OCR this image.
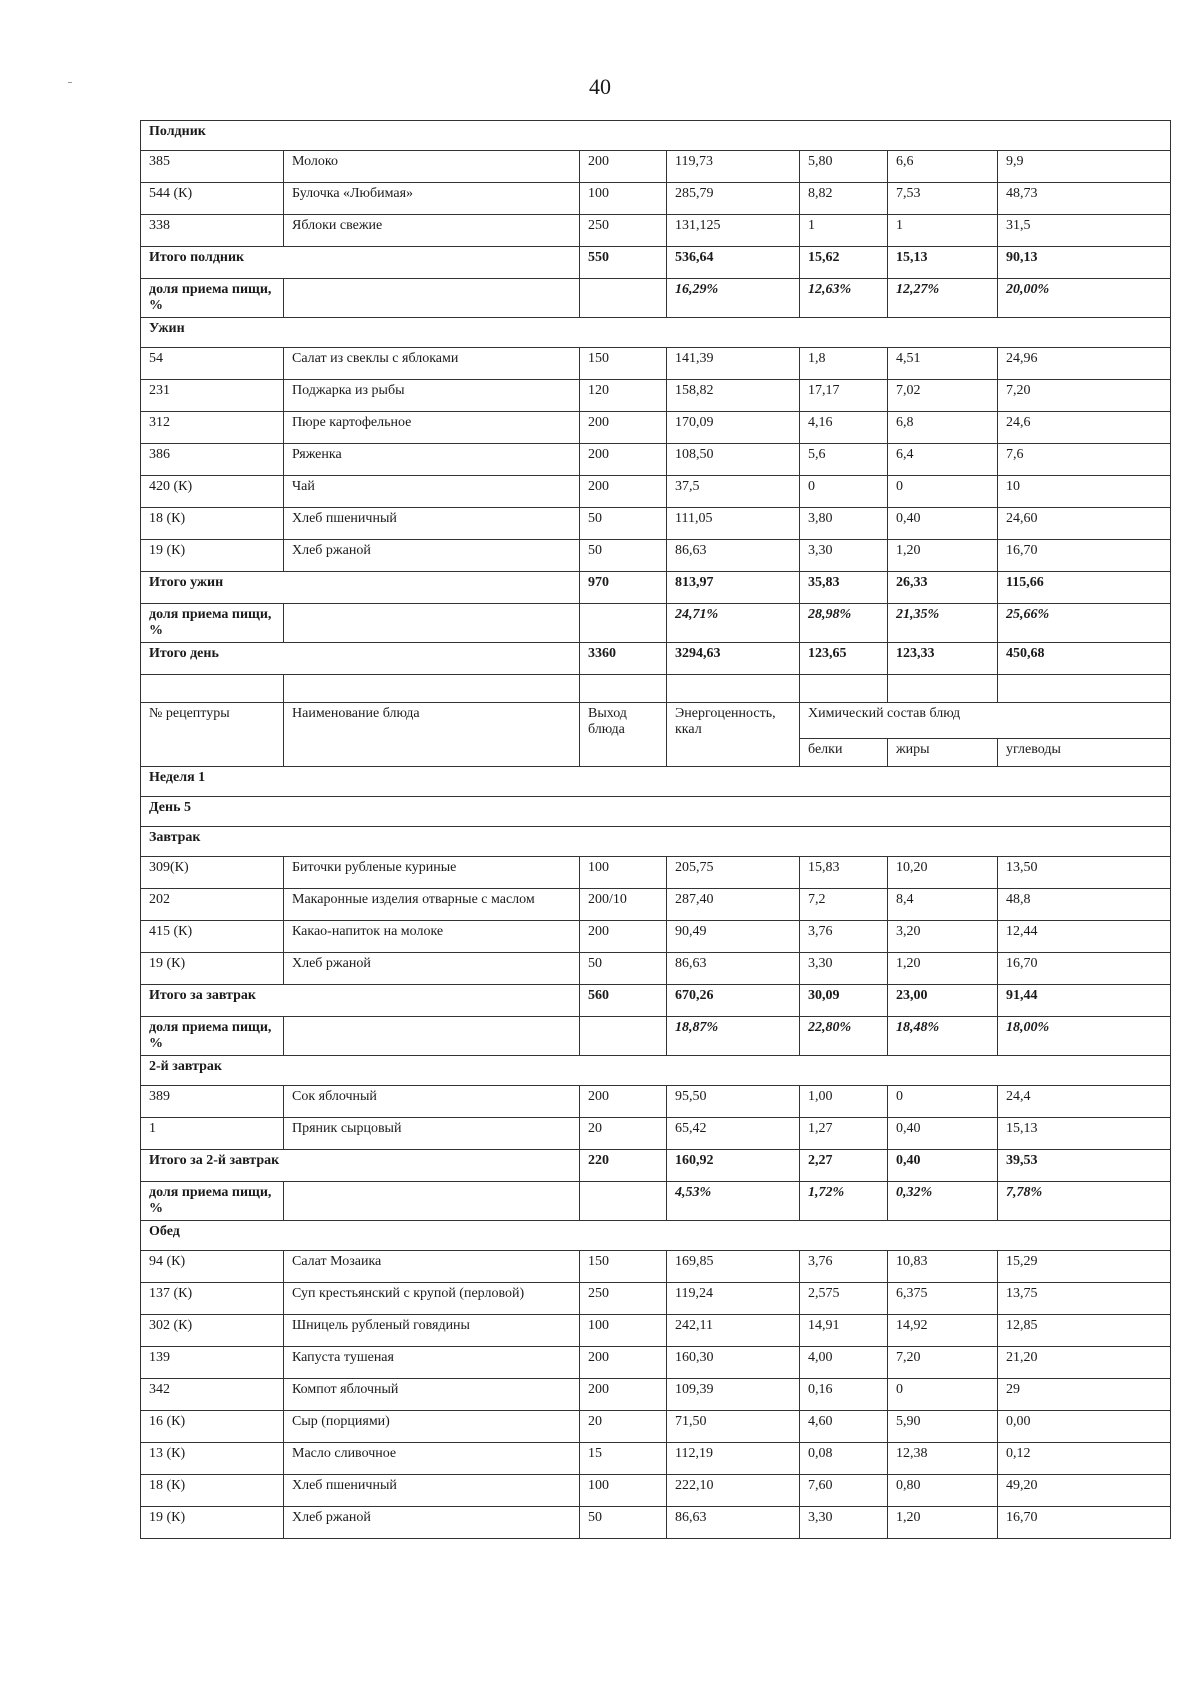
40
Полдник						
385	Молоко	200	119,73	5,80	6,6	9,9
544 (К)	Булочка «Любимая»	100	285,79	8,82	7,53	48,73
338	Яблоки свежие	250	131,125	1	1	31,5
Итого полдник		550	536,64	15,62	15,13	90,13
доля приема пищи, %			16,29%	12,63%	12,27%	20,00%
Ужин						
54	Салат из свеклы с яблоками	150	141,39	1,8	4,51	24,96
231	Поджарка из рыбы	120	158,82	17,17	7,02	7,20
312	Пюре картофельное	200	170,09	4,16	6,8	24,6
386	Ряженка	200	108,50	5,6	6,4	7,6
420 (К)	Чай	200	37,5	0	0	10
18 (К)	Хлеб пшеничный	50	111,05	3,80	0,40	24,60
19 (К)	Хлеб ржаной	50	86,63	3,30	1,20	16,70
Итого ужин		970	813,97	35,83	26,33	115,66
доля приема пищи, %			24,71%	28,98%	21,35%	25,66%
Итого день		3360	3294,63	123,65	123,33	450,68

№ рецептуры	Наименование блюда	Выход блюда	Энергоценность, ккал	Химический состав блюд		
				белки	жиры	углеводы
Неделя 1						
День 5						
Завтрак						
309(К)	Биточки рубленые куриные	100	205,75	15,83	10,20	13,50
202	Макаронные изделия отварные с маслом	200/10	287,40	7,2	8,4	48,8
415 (К)	Какао-напиток на молоке	200	90,49	3,76	3,20	12,44
19 (К)	Хлеб ржаной	50	86,63	3,30	1,20	16,70
Итого за завтрак		560	670,26	30,09	23,00	91,44
доля приема пищи, %			18,87%	22,80%	18,48%	18,00%
2-й завтрак						
389	Сок яблочный	200	95,50	1,00	0	24,4
1	Пряник сырцовый	20	65,42	1,27	0,40	15,13
Итого за 2-й завтрак		220	160,92	2,27	0,40	39,53
доля приема пищи, %			4,53%	1,72%	0,32%	7,78%
Обед						
94 (К)	Салат Мозаика	150	169,85	3,76	10,83	15,29
137 (К)	Суп крестьянский с крупой (перловой)	250	119,24	2,575	6,375	13,75
302 (К)	Шницель рубленый говядины	100	242,11	14,91	14,92	12,85
139	Капуста тушеная	200	160,30	4,00	7,20	21,20
342	Компот яблочный	200	109,39	0,16	0	29
16 (К)	Сыр (порциями)	20	71,50	4,60	5,90	0,00
13 (К)	Масло сливочное	15	112,19	0,08	12,38	0,12
18 (К)	Хлеб пшеничный	100	222,10	7,60	0,80	49,20
19 (К)	Хлеб ржаной	50	86,63	3,30	1,20	16,70
